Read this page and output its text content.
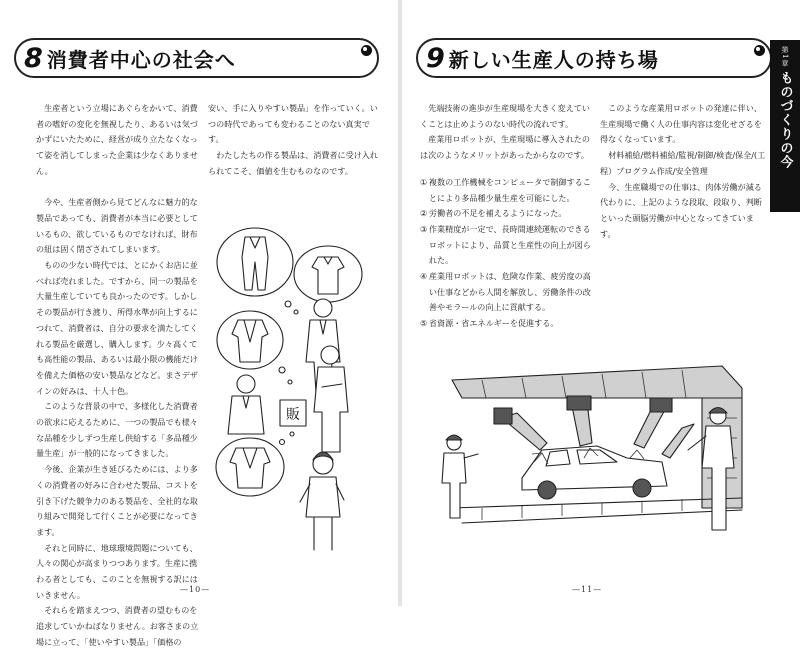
8 消費者中心の社会へ

生産者という立場にあぐらをかいて、消費者の嗜好の変化を無視したり、あるいは気づかずにいたために、経営が成り立たなくなって姿を消してしまった企業は少なくありません。

今や、生産者側から見てどんなに魅力的な製品であっても、消費者が本当に必要としているもの、欲しているものでなければ、財布の紐は固く閉ざされてしまいます。

ものの少ない時代では、とにかくお店に並べれば売れました。ですから、同一の製品を大量生産していても良かったのです。しかしその製品が行き渡り、所得水準が向上するにつれて、消費者は、自分の要求を満たしてくれる製品を厳選し、購入します。少々高くても高性能の製品、あるいは最小限の機能だけを備えた価格の安い製品などなど。まさデザインの好みは、十人十色。

このような背景の中で、多様化した消費者の欲求に応えるために、一つの製品でも様々な品種を少しずつ生産し供給する「多品種少量生産」が一般的になってきました。

今後、企業が生き延びるためには、より多くの消費者の好みに合わせた製品、コストを引き下げた競争力のある製品を、全社的な取り組みで開発して行くことが必要になってきます。

それと同時に、地球環境問題についても、人々の関心が高まりつつあります。生産に携わる者としても、このことを無視する訳にはいきません。

それらを踏まえつつ、消費者の望むものを追求していかねばなりません。お客さまの立場に立って、「使いやすい製品」「価格の

安い、手に入りやすい製品」を作っていく。いつの時代であっても変わることのない真実です。

わたしたちの作る製品は、消費者に受け入れられてこそ、価値を生むものなのです。

販
—10—
9 新しい生産人の持ち場	第1章
ものづくりの今

先端技術の進歩が生産現場を大きく変えていくことは止めようのない時代の流れです。

産業用ロボットが、生産現場に導入されたのは次のようなメリットがあったからなのです。

① 複数の工作機械をコンピュータで制御することにより多品種少量生産を可能にした。

② 労働者の不足を補えるようになった。

③ 作業精度が一定で、長時間連続運転のできるロボットにより、品質と生産性の向上が図られた。

④ 産業用ロボットは、危険な作業、疲労度の高い仕事などから人間を解放し、労働条件の改善やモラールの向上に貢献する。

⑤ 省資源・省エネルギーを促進する。

このような産業用ロボットの発達に伴い、生産現場で働く人の仕事内容は変化せざるを得なくなっています。

材料補給/燃料補給/監視/制御/検査/保全/(工程）プログラム作成/安全管理

今、生産職場での仕事は、肉体労働が減る代わりに、上記のような段取、段取り、判断といった頭脳労働が中心となってきています。

—11—
